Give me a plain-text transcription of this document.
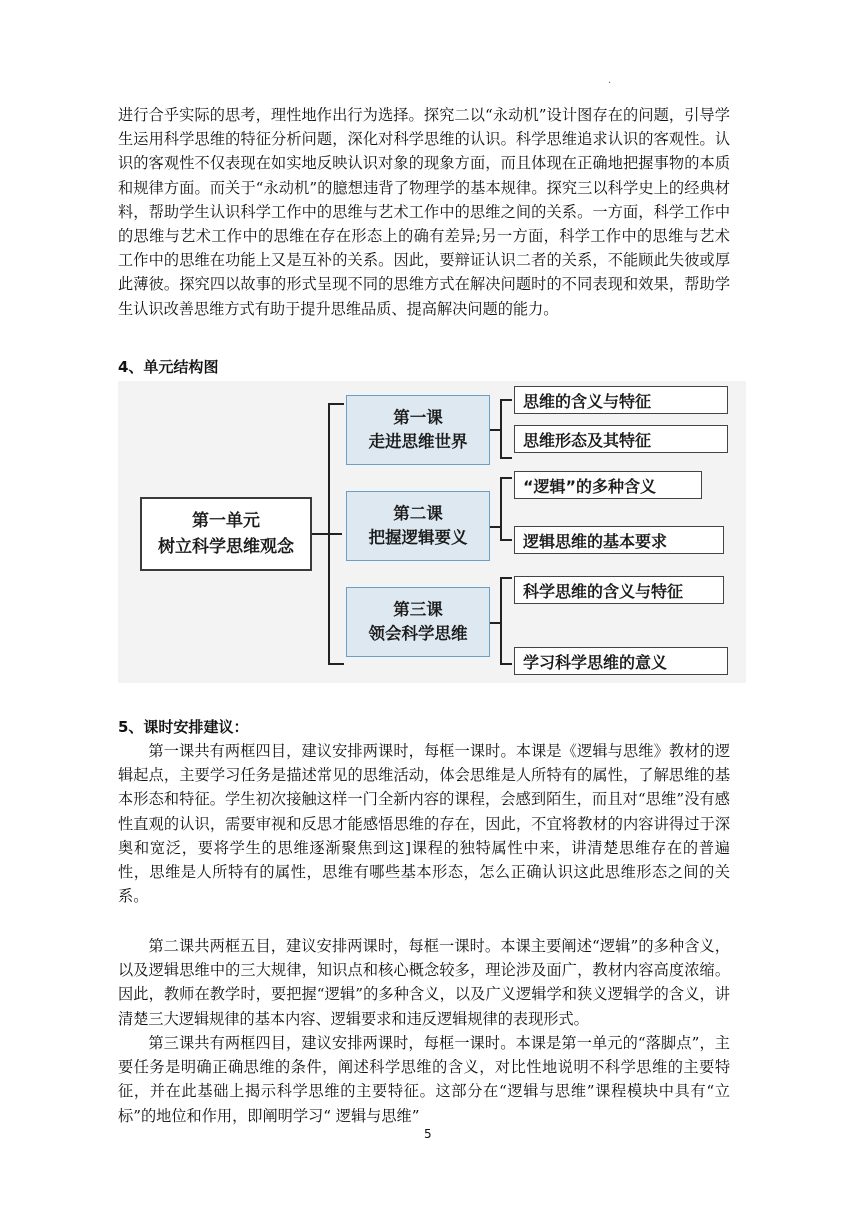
·

进行合乎实际的思考，理性地作出行为选择。探究二以“永动机”设计图存在的问题，引导学生运用科学思维的特征分析问题，深化对科学思维的认识。科学思维追求认识的客观性。认识的客观性不仅表现在如实地反映认识对象的现象方面，而且体现在正确地把握事物的本质和规律方面。而关于“永动机”的臆想违背了物理学的基本规律。探究三以科学史上的经典材料，帮助学生认识科学工作中的思维与艺术工作中的思维之间的关系。一方面，科学工作中的思维与艺术工作中的思维在存在形态上的确有差异;另一方面，科学工作中的思维与艺术工作中的思维在功能上又是互补的关系。因此，要辩证认识二者的关系，不能顾此失彼或厚此薄彼。探究四以故事的形式呈现不同的思维方式在解决问题时的不同表现和效果，帮助学生认识改善思维方式有助于提升思维品质、提高解决问题的能力。

4、单元结构图

第一单元
树立科学思维观念
第一课
走进思维世界
思维的含义与特征
思维形态及其特征
第二课
把握逻辑要义
“逻辑”的多种含义
逻辑思维的基本要求
第三课
领会科学思维
科学思维的含义与特征
学习科学思维的意义

5、课时安排建议：

第一课共有两框四目，建议安排两课时，每框一课时。本课是《逻辑与思维》教材的逻辑起点，主要学习任务是描述常见的思维活动，体会思维是人所特有的属性，了解思维的基本形态和特征。学生初次接触这样一门全新内容的课程，会感到陌生，而且对“思维”没有感性直观的认识，需要审视和反思才能感悟思维的存在，因此，不宜将教材的内容讲得过于深奥和宽泛，要将学生的思维逐渐聚焦到这]课程的独特属性中来，讲清楚思维存在的普遍性，思维是人所特有的属性，思维有哪些基本形态，怎么正确认识这此思维形态之间的关系。

第二课共两框五目，建议安排两课时，每框一课时。本课主要阐述“逻辑”的多种含义，以及逻辑思维中的三大规律，知识点和核心概念较多，理论涉及面广，教材内容高度浓缩。因此，教师在教学时，要把握“逻辑”的多种含义，以及广义逻辑学和狭义逻辑学的含义，讲清楚三大逻辑规律的基本内容、逻辑要求和违反逻辑规律的表现形式。

第三课共有两框四目，建议安排两课时，每框一课时。本课是第一单元的“落脚点”，主要任务是明确正确思维的条件，阐述科学思维的含义，对比性地说明不科学思维的主要特征，并在此基础上揭示科学思维的主要特征。这部分在“逻辑与思维”课程模块中具有“立标”的地位和作用，即阐明学习“ 逻辑与思维”

5
